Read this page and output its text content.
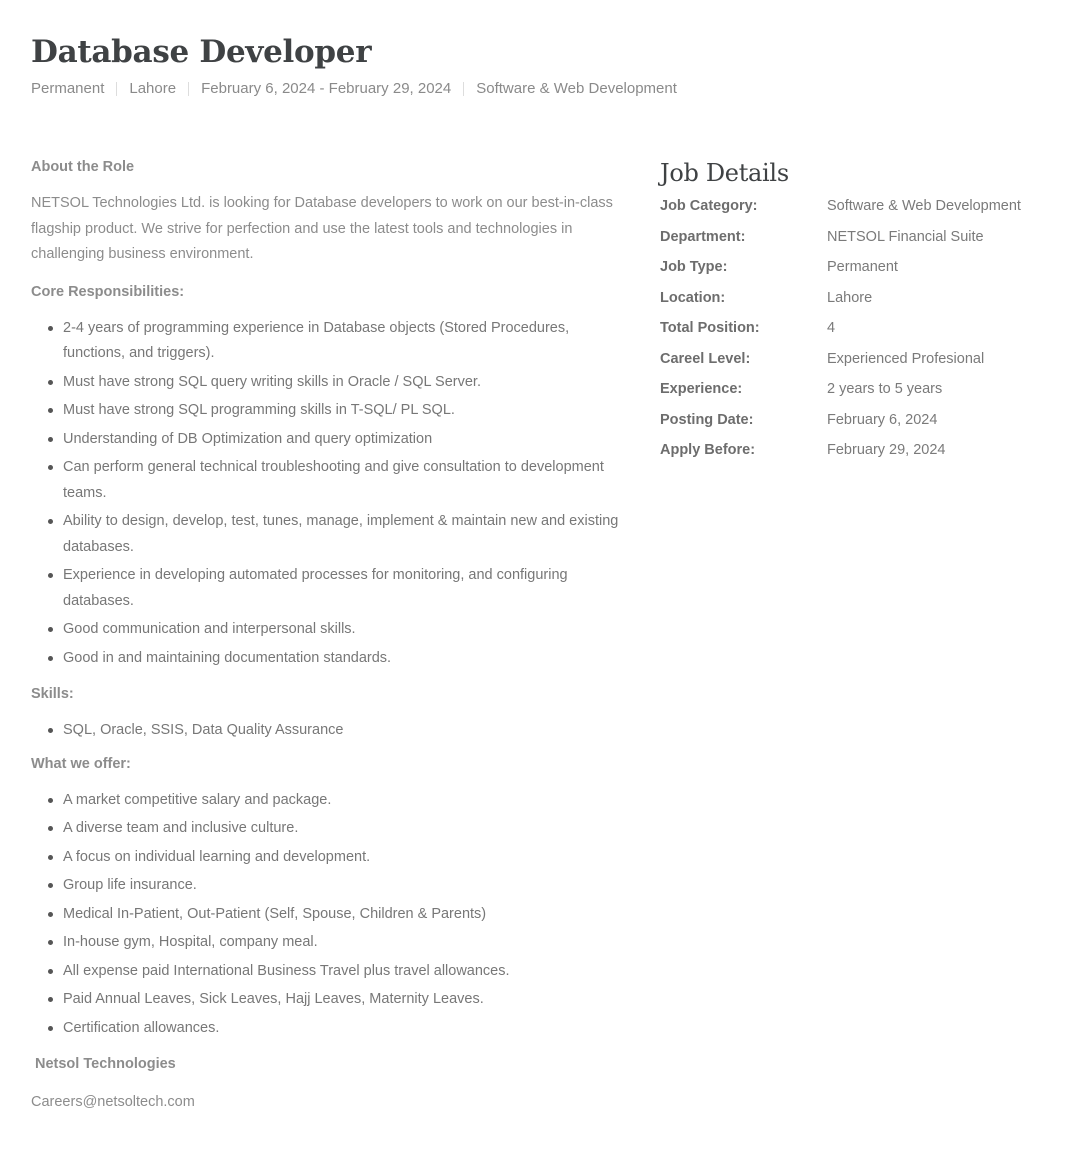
Database Developer
Permanent Lahore February 6, 2024 - February 29, 2024 Software & Web Development

About the Role

NETSOL Technologies Ltd. is looking for Database developers to work on our best-in-class flagship product. We strive for perfection and use the latest tools and technologies in challenging business environment.

Core Responsibilities:

2-4 years of programming experience in Database objects (Stored Procedures, functions, and triggers).
Must have strong SQL query writing skills in Oracle / SQL Server.
Must have strong SQL programming skills in T-SQL/ PL SQL.
Understanding of DB Optimization and query optimization
Can perform general technical troubleshooting and give consultation to development teams.
Ability to design, develop, test, tunes, manage, implement & maintain new and existing databases.
Experience in developing automated processes for monitoring, and configuring databases.
Good communication and interpersonal skills.
Good in and maintaining documentation standards.

Skills:

SQL, Oracle, SSIS, Data Quality Assurance

What we offer:

A market competitive salary and package.
A diverse team and inclusive culture.
A focus on individual learning and development.
Group life insurance.
Medical In-Patient, Out-Patient (Self, Spouse, Children & Parents)
In-house gym, Hospital, company meal.
All expense paid International Business Travel plus travel allowances.
Paid Annual Leaves, Sick Leaves, Hajj Leaves, Maternity Leaves.
Certification allowances.

Netsol Technologies

Careers@netsoltech.com
Job Details
Job Category:	Software & Web Development
Department:	NETSOL Financial Suite
Job Type:	Permanent
Location:	Lahore
Total Position:	4
Careel Level:	Experienced Profesional
Experience:	2 years to 5 years
Posting Date:	February 6, 2024
Apply Before:	February 29, 2024
